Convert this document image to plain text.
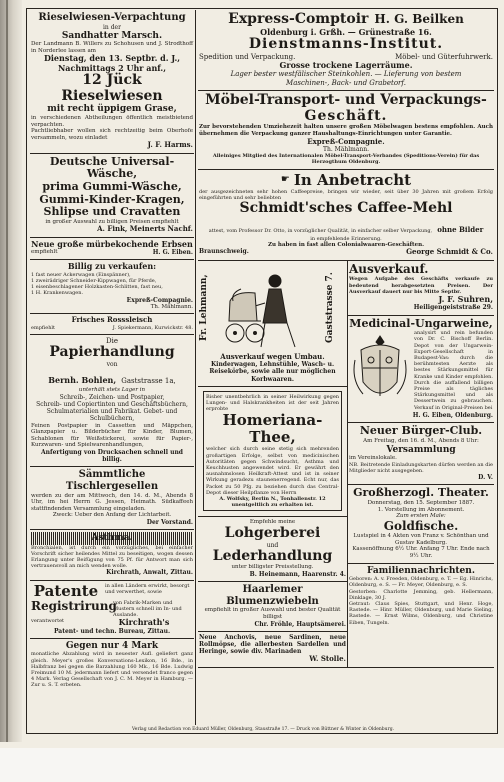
Rieselwiesen-Verpachtung
in der
Sandhatter Marsch.
Der Landmann B. Willers zu Schohusen und J. Strodthoff in Norderlee lassen am
Dienstag, den 13. Septbr. d. J.,
Nachmittags 2 Uhr anf.,
12 Jück Rieselwiesen
mit recht üppigem Grase,
in verschiedenen Abtheilungen öffentlich meistbietend verpachten.
Pachtliebhaber wollen sich rechtzeitig beim Oberhofe versammeln, wozu einladet
J. F. Harms.
Deutsche Universal-Wäsche,
prima Gummi-Wäsche,
Gummi-Kinder-Kragen,
Shlipse und Cravatten
in großer Auswahl zu billigen Preisen empfiehlt
A. Fink, Meinerts Nachf.
Neue große mürbekochende Erbsen
empfiehlt	H. G. Eiben.
Billig zu verkaufen:
1 fast neuer Ackerwagen (Einspänner),
1 zweirädriger Schneider-Kippwagen, für Pferde,
1 eisenbeschlagener Holzkasten-Schlitten, fast neu,
1 H. Krankenwagen.
Expreß-Compagnie.
Th. Mählmann.
Frisches Rosssleisch
empfiehlt	J. Spiekermann, Kurwickstr. 48.
Die
Papierhandlung
von
Bernh. Bohlen, Gaststrasse 1a,
unterhält stets Lager in
Schreib-, Zeichen- und Postpapier,
Schreib- und Copiertinten und Geschäftsbüchern,
Schulmaterialien und Fabrikat. Gebet- und Schulbüchern,
Feinen Postpapier in Cassetten und Mäppchen, Glanzpapier u. Bilderbücher für Kinder, Blumen, Schablonen für Weißstickerei, sowie für Papier-, Kurzwaren- und Spielwarenhandlungen,
Anfertigung von Drucksachen schnell und billig.
Sämmtliche Tischlergesellen
werden zu der am Mittwoch, den 14. d. M., Abends 8 Uhr, im hei Herrn G. Jessen, Heimath. Südkaffeeh stattfindenden Versammlung eingeladen.
Zweck: Ueber den Anfang der Lichtarbeit.
Der Vorstand.
Asthma.
Bronchialen, ist durch ein vorzügliches, bei einfacher Vorschrift sicher heilendes Mittel zu beseitigen, wogen dessen Erlangung unter Beifügung von 75 Pf. für Antwort man sich vertrauensvoll an mich wenden wolle.
Kirchrath, Anwalt, Zittau.
Patente	in allen Ländern erwirkt, besorgt und verwerthet, sowie
Registrirung
von Fabrik-Marken und Mustern schnell im In- und Auslande.
verantwortet	Kirchrath's
Patent- und techn. Bureau, Zittau.
Gegen nur 4 Mark
monatliche Abzahlung wird in neuester Aufl. geliefert ganz gleich. Meyer's großes Konversations-Lexikon, 16 Bde., in Halbfranz bei gegen die Barzahlung 160 Mk., 16 Bde. Ludwig Freimund 10 M. jedermann liefert und versendet franco gegen 4 Mark. Verlag Gesellschaft von J. C. M. Meyer in Hamburg. — Zur u. S. T. erbeten.
Express-Comptoir H. G. Beilken
Oldenburg i. Grßh. — Grünestraße 16.
Dienstmanns-Institut.
Spedition und Verpackung.	Möbel- und Güterfuhrwerk.
Grosse trockene Lagerräume.
Lager bester westfälischer Steinkohlen. — Lieferung von bestem
Maschinen-, Back- und Grabetorf.
Möbel-Transport- und Verpackungs-
Geschäft.
Zur bevorstehenden Umziehezeit halten unsere großen Möbelwagen bestens empfohlen. Auch übernehmen die Verpackung ganzer Haushaltungs-Einrichtungen unter Garantie.
Expreß-Compagnie.
Th. Mählmann.
Alleiniges Mitglied des Internationalen Möbel-Transport-Verbandes (Speditions-Verein) für das Herzogthum Oldenburg.
☛ In Anbetracht
der ausgezeichneten sehr hohen Caffeepreise, bringen wir wieder, seit über 30 Jahren mit großem Erfolg eingeführten und sehr beliebten
Schmidt'sches Caffee-Mehl
attest, vom Professor Dr. Otto, in vorzüglicher Qualität, in einfacher selber Verpackung, ohne Bilder
in empfehlende Erinnerung.
Zu haben in fast allen Colonialwaaren-Geschäften.
Braunschweig.	George Schmidt & Co.
Fr. Lehmann,	Gaststrasse 7.
Ausverkauf wegen Umbau.
Kinderwagen, Lehnstühle, Wasch- u. Reisekörbe, sowie alle nur möglichen Korbwaaren.
Bisher unentbehrlich in seiner Heilwirkung gegen Lungen- und Halskrankheiten ist der seit Jahren erprobte
Homeriana-
Thee,
welcher sich durch seine stetig sich mehrenden großartigen Erfolge, selbst von medicinischen Autoritäten gegen Schwindsucht, Asthma und Keuchhusten angewendet wird. Er gewährt den ausnahmslosen Heilkraft-Attest und ist in seiner Wirkung geradezu staunenerregend. Echt nur, das Packet zu 50 Pfg. zu beziehen durch das Central-Depot dieser Heilpflanze von Herrn
A. Wolfsky, Berlin N., Tonhallenstr. 12 unentgeltlich zu erhalten ist.
Empfehle meine
Lohgerberei
und
Lederhandlung
unter billigster Preisstellung.
B. Heinemann, Haarenstr. 4.
Haarlemer Blumenzwiebeln
empfiehlt in großer Auswahl und bester Qualität billigst
Chr. Fröhle, Hauptsämerei.
Neue Anchovis, neue Sardinen, neue Rollmöpse, die allerbesten Sardellen und Heringe, sowie div. Marinaden
W. Stolle.
Ausverkauf.
Wegen Aufgabe des Geschäfts verkaufe zu bedeutend herabgesetzten Preisen. Der Ausverkauf dauert nur bis Mitte Septbr.
J. F. Suhren,
Heiligengeiststraße 29.
Medicinal-Ungarweine,
analysirt und rein befunden von Dr. C. Bischoff Berlin. Depot von der Ungarwein-Export-Gesellschaft in Budapest-Vas: durch die berühmtesten Aerzte als bestes Stärkungsmittel für Kranke und Kinder empfohlen. Durch die auffallend billigen Preise als tägliches Stärkungsmittel und als Dessertwein zu gebrauchen. Verkauf in Original-Preisen bei
H. G. Eiben, Oldenburg.
Neuer Bürger-Club.
Am Freitag, den 16. d. M., Abends 8 Uhr:
Versammlung
im Vereinslokale.
NB. Beitretende Einladungskarten dürfen werden an die Mitglieder nicht ausgegeben.
D. V.
Großherzogl. Theater.
Donnerstag, den 15. September 1887.
1. Vorstellung im Abonnement.
Zum ersten Male:
Goldfische.
Lustspiel in 4 Akten von Franz v. Schönthan und Gustav Kadelburg.
Kassenöffnung 6½ Uhr. Anfang 7 Uhr. Ende nach 9½ Uhr.
Familiennachrichten.
Geboren: A. v. Freeden, Oldenburg, e. T. — Eg. Hinrichs, Oldenburg, e. S. — Fr. Meyer, Oldenburg, e. S.
Gestorben: Charlotte Jemming, geb. Hellermann, Dinklage, 30 J.
Getraut: Claus Spies, Stuttgart, und Henr. Hoge, Rastede. — Hinr. Müller, Oldenburg, und Marie Sieling, Rastede. — Ernst Wilms, Oldenburg, und Christine Eiben, Tungeln.
Verlag und Redaction von Eduard Müller, Oldenburg, Staustraße 17. — Druck von Büttner & Winter in Oldenburg.
